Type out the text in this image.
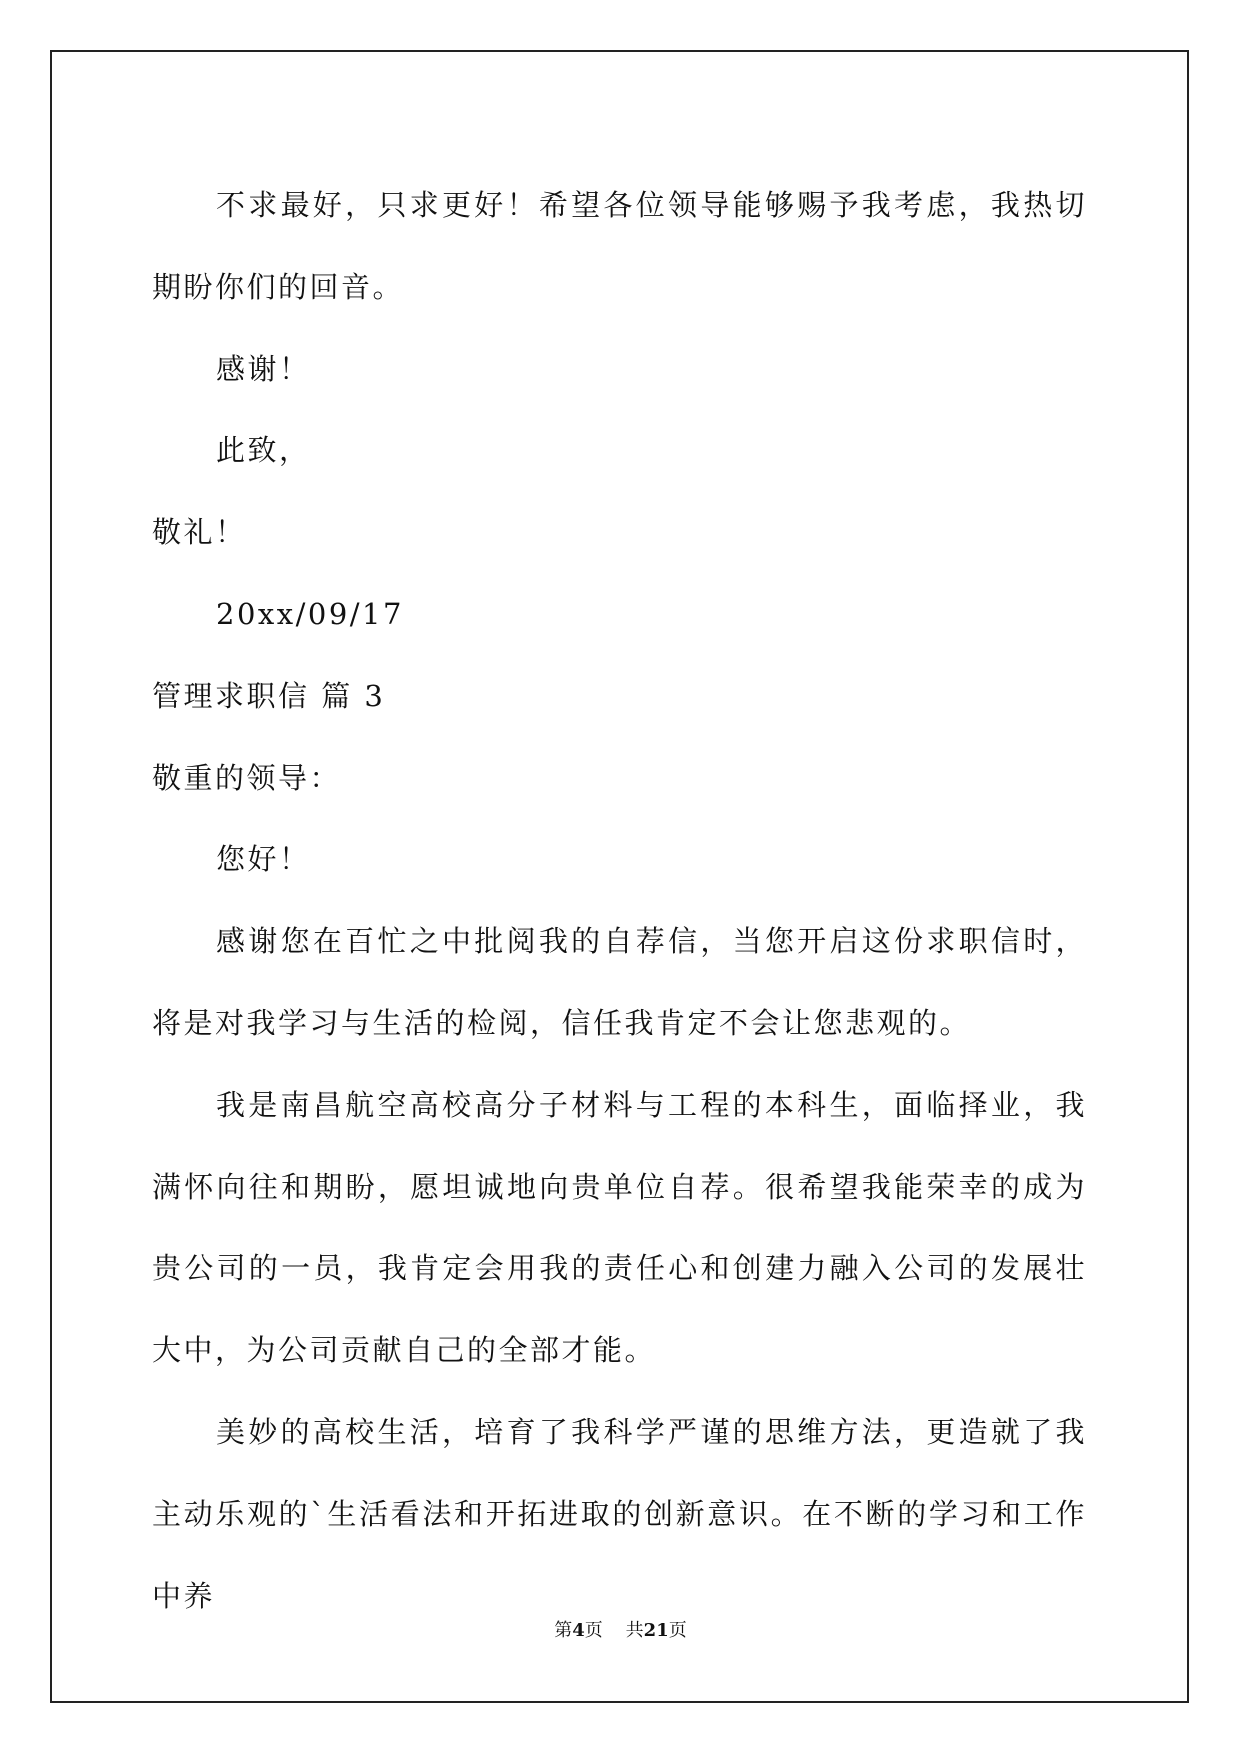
不求最好，只求更好！希望各位领导能够赐予我考虑，我热切期盼你们的回音。

感谢！

此致，

敬礼！

20xx/09/17

管理求职信 篇 3

敬重的领导：

您好！

感谢您在百忙之中批阅我的自荐信，当您开启这份求职信时，将是对我学习与生活的检阅，信任我肯定不会让您悲观的。

我是南昌航空高校高分子材料与工程的本科生，面临择业，我满怀向往和期盼，愿坦诚地向贵单位自荐。很希望我能荣幸的成为贵公司的一员，我肯定会用我的责任心和创建力融入公司的发展壮大中，为公司贡献自己的全部才能。

美妙的高校生活，培育了我科学严谨的思维方法，更造就了我主动乐观的`生活看法和开拓进取的创新意识。在不断的学习和工作中养

第4页 共21页
